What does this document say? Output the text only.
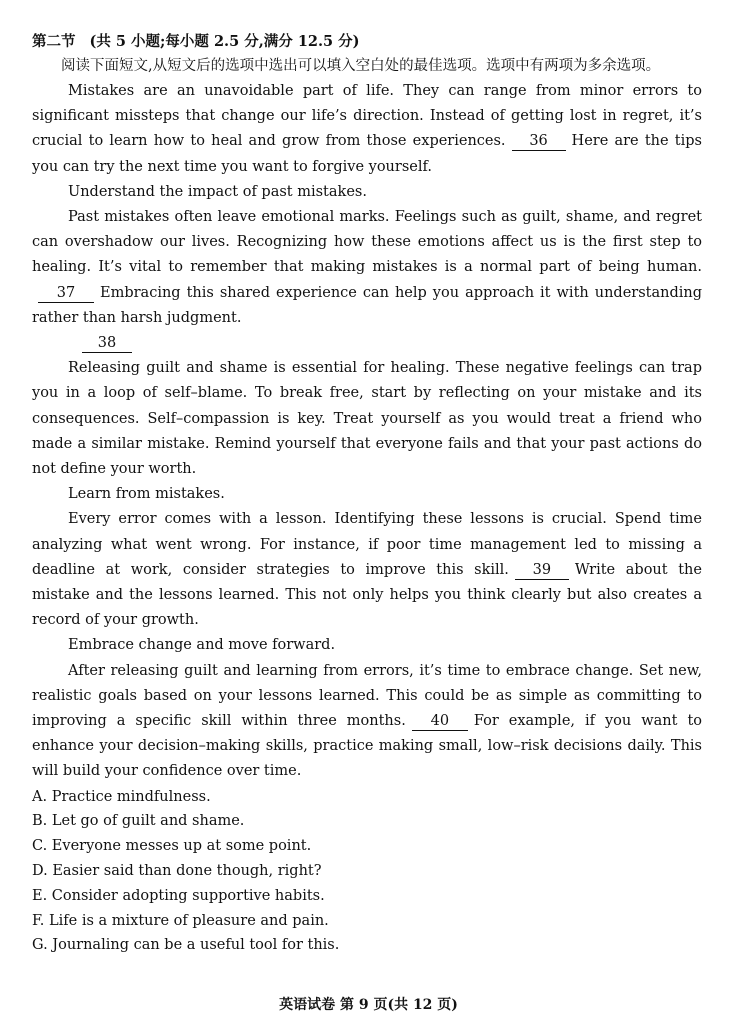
第二节 (共 5 小题;每小题 2.5 分,满分 12.5 分)
阅读下面短文,从短文后的选项中选出可以填入空白处的最佳选项。选项中有两项为多余选项。

Mistakes are an unavoidable part of life. They can range from minor errors to significant missteps that change our life’s direction. Instead of getting lost in regret, it’s crucial to learn how to heal and grow from those experiences. 36 Here are the tips you can try the next time you want to forgive yourself.

Understand the impact of past mistakes.

Past mistakes often leave emotional marks. Feelings such as guilt, shame, and regret can overshadow our lives. Recognizing how these emotions affect us is the first step to healing. It’s vital to remember that making mistakes is a normal part of being human.37 Embracing this shared experience can help you approach it with understanding rather than harsh judgment.

38

Releasing guilt and shame is essential for healing. These negative feelings can trap you in a loop of self–blame. To break free, start by reflecting on your mistake and its consequences. Self–compassion is key. Treat yourself as you would treat a friend who made a similar mistake. Remind yourself that everyone fails and that your past actions do not define your worth.

Learn from mistakes.

Every error comes with a lesson. Identifying these lessons is crucial. Spend time analyzing what went wrong. For instance, if poor time management led to missing a deadline at work, consider strategies to improve this skill. 39 Write about the mistake and the lessons learned. This not only helps you think clearly but also creates a record of your growth.

Embrace change and move forward.

After releasing guilt and learning from errors, it’s time to embrace change. Set new, realistic goals based on your lessons learned. This could be as simple as committing to improving a specific skill within three months. 40 For example, if you want to enhance your decision–making skills, practice making small, low–risk decisions daily. This will build your confidence over time.

A. Practice mindfulness.
B. Let go of guilt and shame.
C. Everyone messes up at some point.
D. Easier said than done though, right?
E. Consider adopting supportive habits.
F. Life is a mixture of pleasure and pain.
G. Journaling can be a useful tool for this.
英语试卷 第 9 页(共 12 页)
